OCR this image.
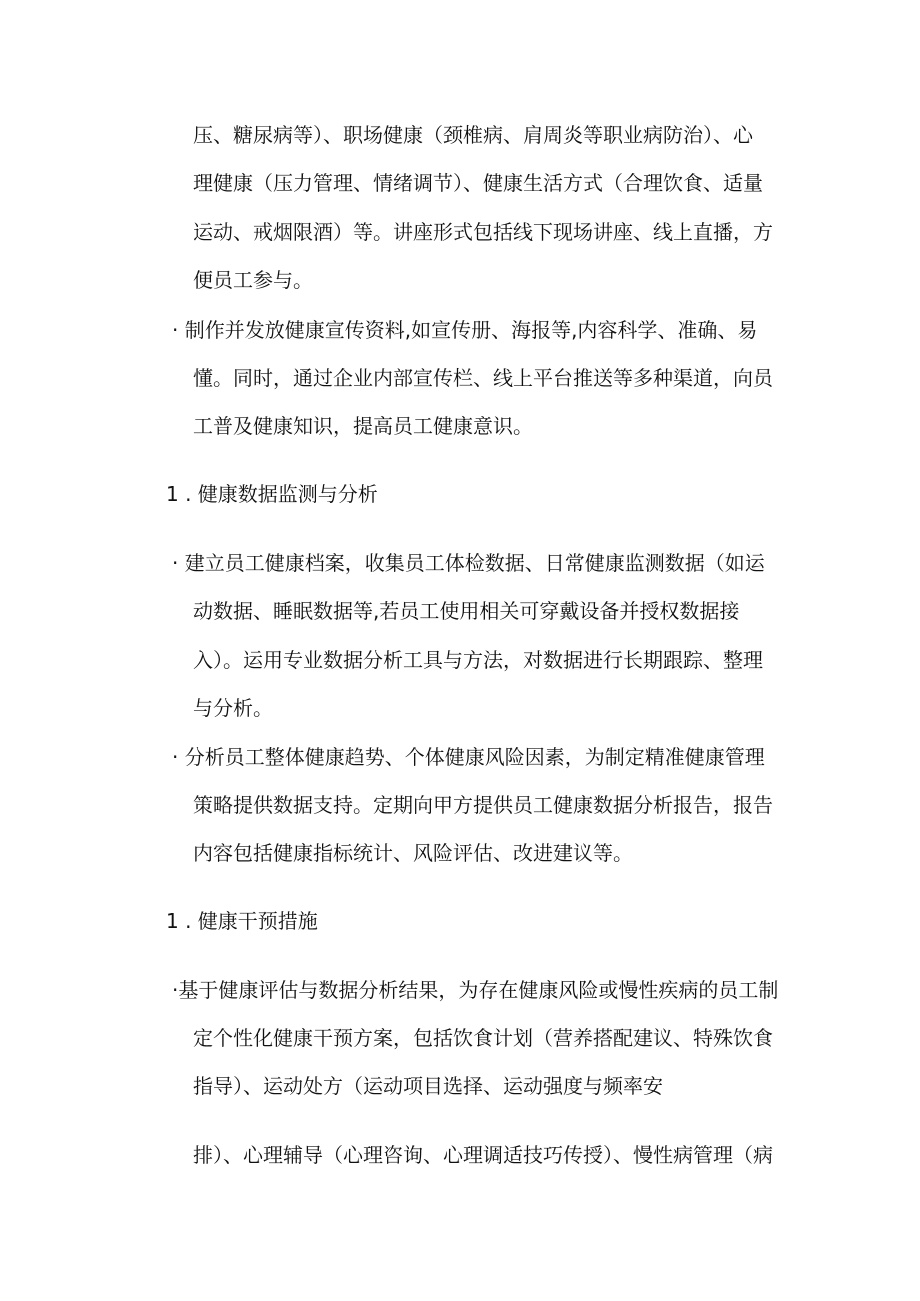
压、糖尿病等）、职场健康（颈椎病、肩周炎等职业病防治）、心
理健康（压力管理、情绪调节）、健康生活方式（合理饮食、适量
运动、戒烟限酒）等。讲座形式包括线下现场讲座、线上直播，方
便员工参与。
· 制作并发放健康宣传资料,如宣传册、海报等,内容科学、准确、易
懂。同时，通过企业内部宣传栏、线上平台推送等多种渠道，向员
工普及健康知识，提高员工健康意识。
1 . 健康数据监测与分析
· 建立员工健康档案，收集员工体检数据、日常健康监测数据（如运
动数据、睡眠数据等,若员工使用相关可穿戴设备并授权数据接
入）。运用专业数据分析工具与方法，对数据进行长期跟踪、整理
与分析。
· 分析员工整体健康趋势、个体健康风险因素，为制定精准健康管理
策略提供数据支持。定期向甲方提供员工健康数据分析报告，报告
内容包括健康指标统计、风险评估、改进建议等。
1 . 健康干预措施
·基于健康评估与数据分析结果，为存在健康风险或慢性疾病的员工制
定个性化健康干预方案，包括饮食计划（营养搭配建议、特殊饮食
指导）、运动处方（运动项目选择、运动强度与频率安
排）、心理辅导（心理咨询、心理调适技巧传授）、慢性病管理（病
